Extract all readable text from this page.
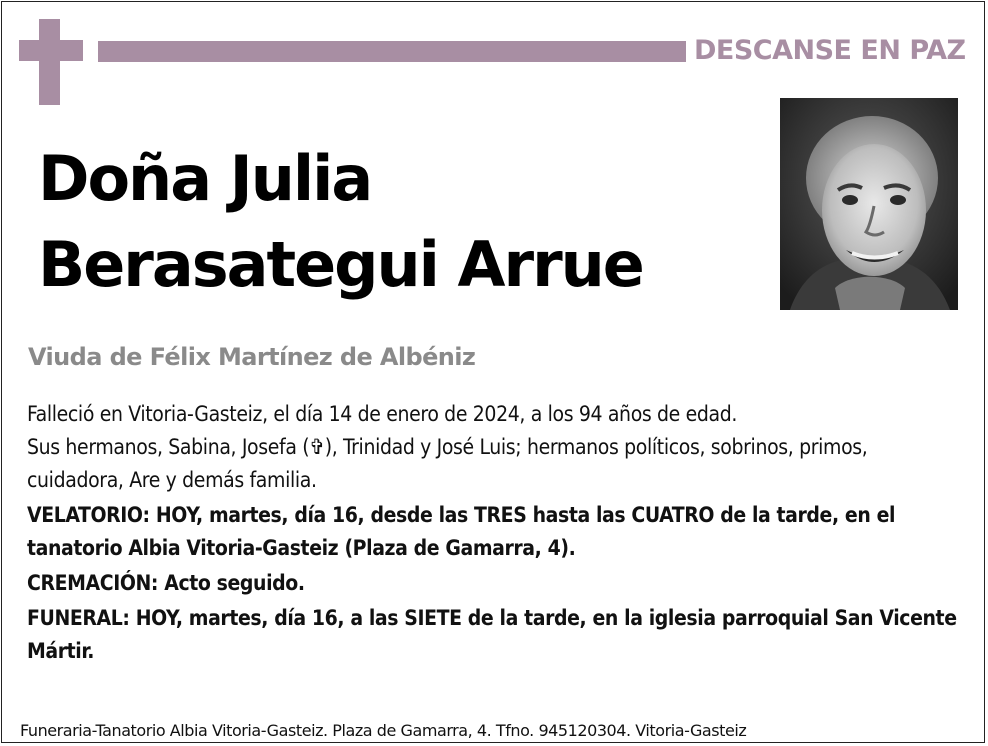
DESCANSE EN PAZ
Doña Julia
Berasategui Arrue
Viuda de Félix Martínez de Albéniz

Falleció en Vitoria-Gasteiz, el día 14 de enero de 2024, a los 94 años de edad.

Sus hermanos, Sabina, Josefa (✞), Trinidad y José Luis; hermanos políticos, sobrinos, primos, cuidadora, Are y demás familia.

VELATORIO: HOY, martes, día 16, desde las TRES hasta las CUATRO de la tarde, en el tanatorio Albia Vitoria-Gasteiz (Plaza de Gamarra, 4).

CREMACIÓN: Acto seguido.

FUNERAL: HOY, martes, día 16, a las SIETE de la tarde, en la iglesia parroquial San Vicente Mártir.

Funeraria-Tanatorio Albia Vitoria-Gasteiz. Plaza de Gamarra, 4. Tfno. 945120304. Vitoria-Gasteiz
